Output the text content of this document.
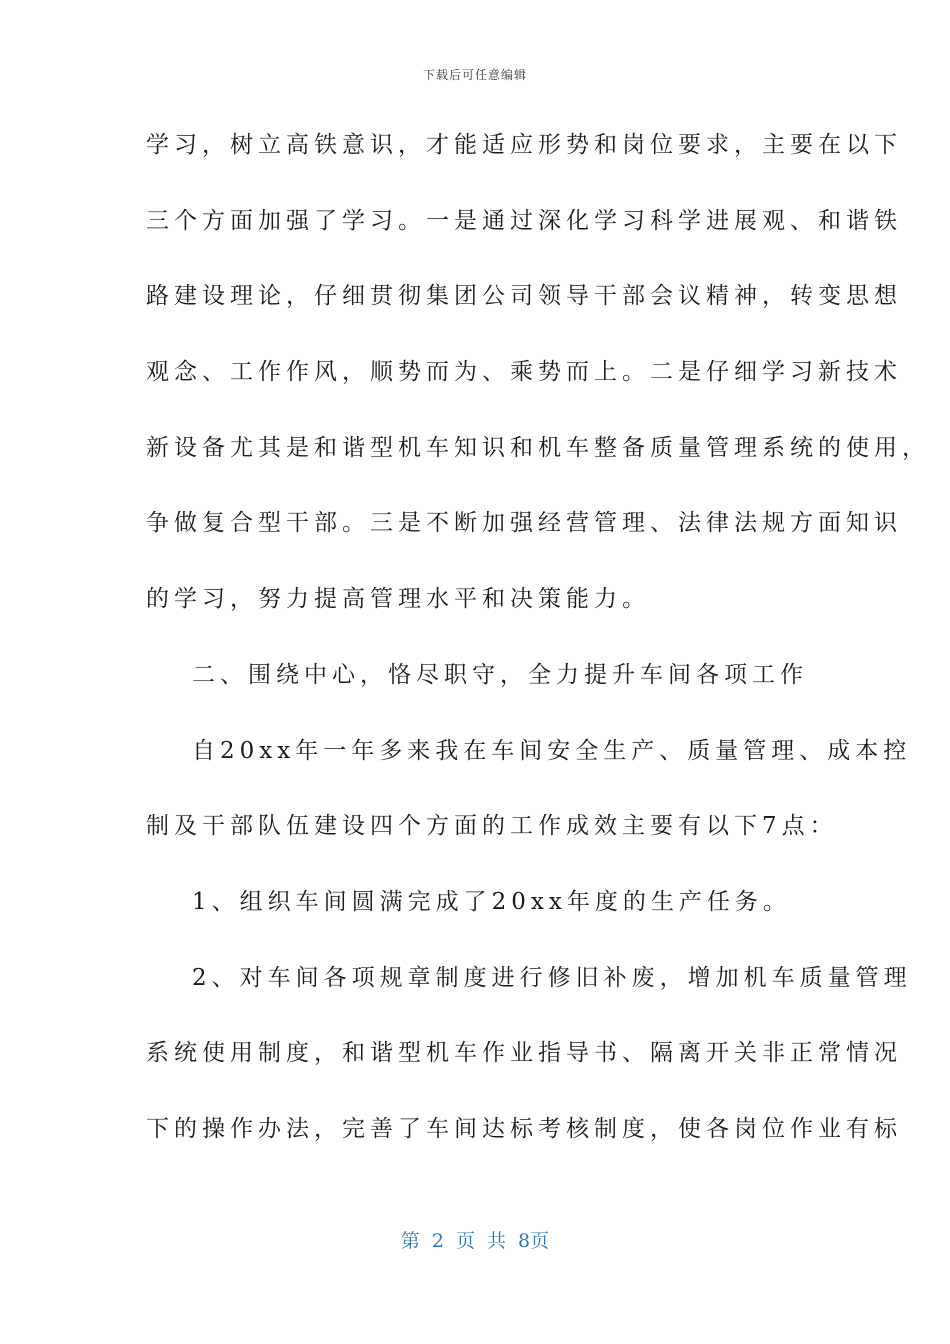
下载后可任意编辑
学习，树立高铁意识，才能适应形势和岗位要求，主要在以下
三个方面加强了学习。一是通过深化学习科学进展观、和谐铁
路建设理论，仔细贯彻集团公司领导干部会议精神，转变思想
观念、工作作风，顺势而为、乘势而上。二是仔细学习新技术
新设备尤其是和谐型机车知识和机车整备质量管理系统的使用，
争做复合型干部。三是不断加强经营管理、法律法规方面知识
的学习，努力提高管理水平和决策能力。
二、围绕中心，恪尽职守，全力提升车间各项工作
自20xx年一年多来我在车间安全生产、质量管理、成本控
制及干部队伍建设四个方面的工作成效主要有以下7点：
1、组织车间圆满完成了20xx年度的生产任务。
2、对车间各项规章制度进行修旧补废，增加机车质量管理
系统使用制度，和谐型机车作业指导书、隔离开关非正常情况
下的操作办法，完善了车间达标考核制度，使各岗位作业有标
第 2 页 共 8页
